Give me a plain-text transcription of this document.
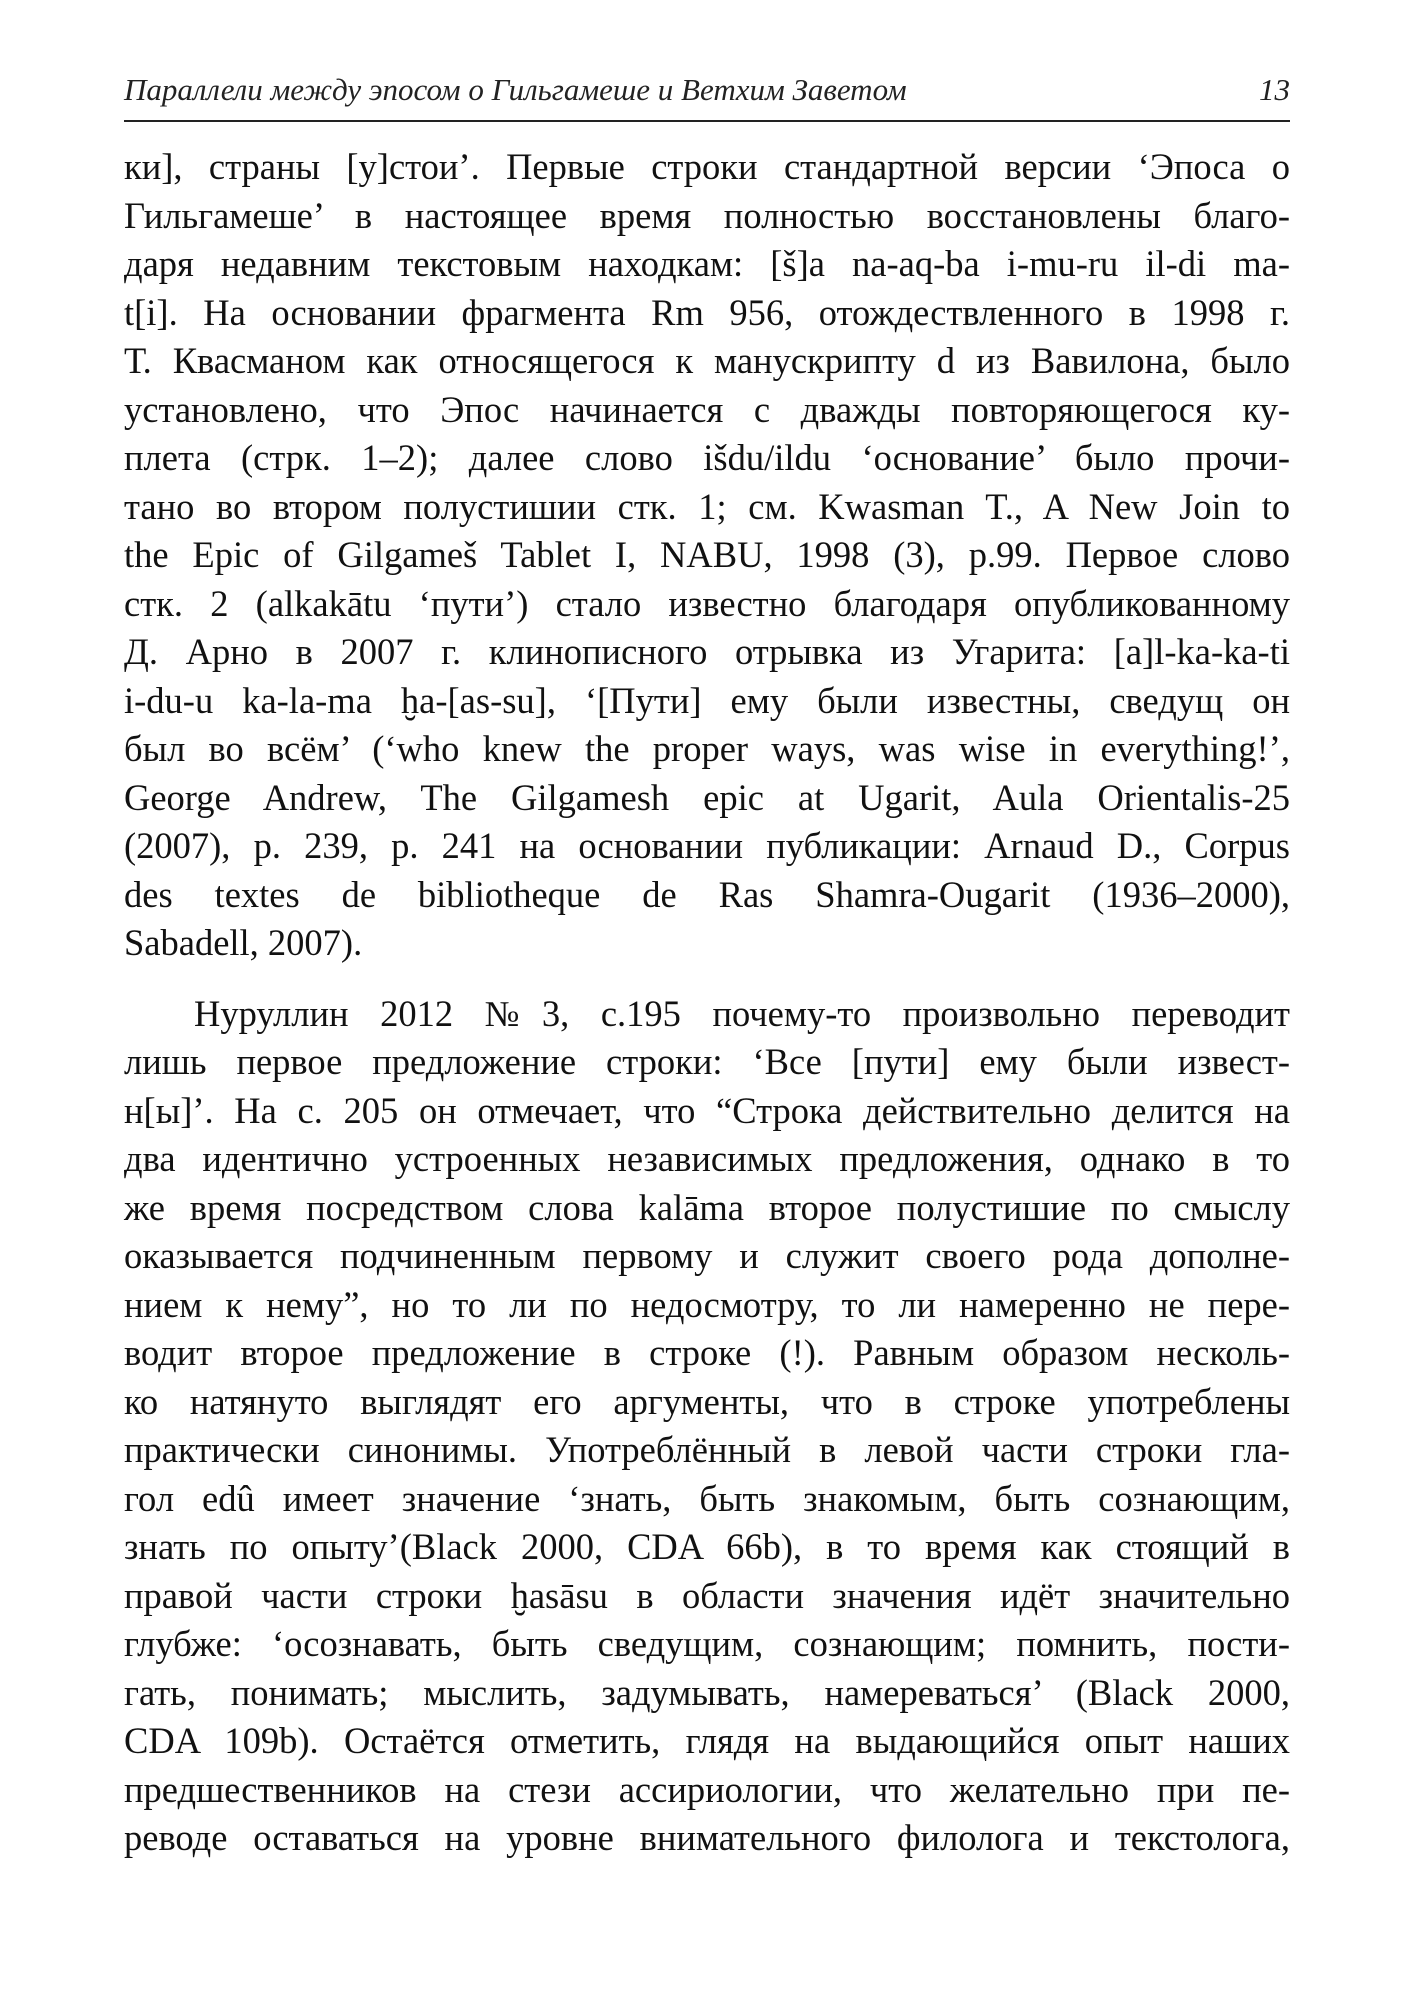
Параллели между эпосом о Гильгамеше и Ветхим Заветом	13

ки], страны [у]стои’. Первые строки стандартной версии ‘Эпоса о

Гильгамеше’ в настоящее время полностью восстановлены благо-

даря недавним текстовым находкам: [š]a na-aq-ba i-mu-ru il-di ma-

t[i]. На основании фрагмента Rm 956, отождествленного в 1998 г.

Т. Квасманом как относящегося к манускрипту d из Вавилона, было

установлено, что Эпос начинается с дважды повторяющегося ку-

плета (стрк. 1–2); далее слово išdu/ildu ‘основание’ было прочи-

тано во втором полустишии стк. 1; см. Kwasman T., A New Join to

the Epic of Gilgameš Tablet I, NABU, 1998 (3), p.99. Первое слово

стк. 2 (alkakātu ‘пути’) стало известно благодаря опубликованному

Д. Арно в 2007 г. клинописного отрывка из Угарита: [a]l-ka-ka-ti

i-du-u ka-la-ma ḫa-[as-su], ‘[Пути] ему были известны, сведущ он

был во всём’ (‘who knew the proper ways, was wise in everything!’,

George Andrew, The Gilgamesh epic at Ugarit, Aula Orientalis-25

(2007), p. 239, p. 241 на основании публикации: Arnaud D., Corpus

des textes de bibliotheque de Ras Shamra-Ougarit (1936–2000),

Sabadell, 2007).

Нуруллин 2012 №3, с.195 почему-то произвольно переводит

лишь первое предложение строки: ‘Все [пути] ему были извест-

н[ы]’. На с. 205 он отмечает, что “Строка действительно делится на

два идентично устроенных независимых предложения, однако в то

же время посредством слова kalāma второе полустишие по смыслу

оказывается подчиненным первому и служит своего рода дополне-

нием к нему”, но то ли по недосмотру, то ли намеренно не пере-

водит второе предложение в строке (!). Равным образом несколь-

ко натянуто выглядят его аргументы, что в строке употреблены

практически синонимы. Употреблённый в левой части строки гла-

гол edû имеет значение ‘знать, быть знакомым, быть сознающим,

знать по опыту’(Black 2000, CDA 66b), в то время как стоящий в

правой части строки ḫasāsu в области значения идёт значительно

глубже: ‘осознавать, быть сведущим, сознающим; помнить, пости-

гать, понимать; мыслить, задумывать, намереваться’ (Black 2000,

CDA 109b). Остаётся отметить, глядя на выдающийся опыт наших

предшественников на стези ассириологии, что желательно при пе-

реводе оставаться на уровне внимательного филолога и текстолога,
